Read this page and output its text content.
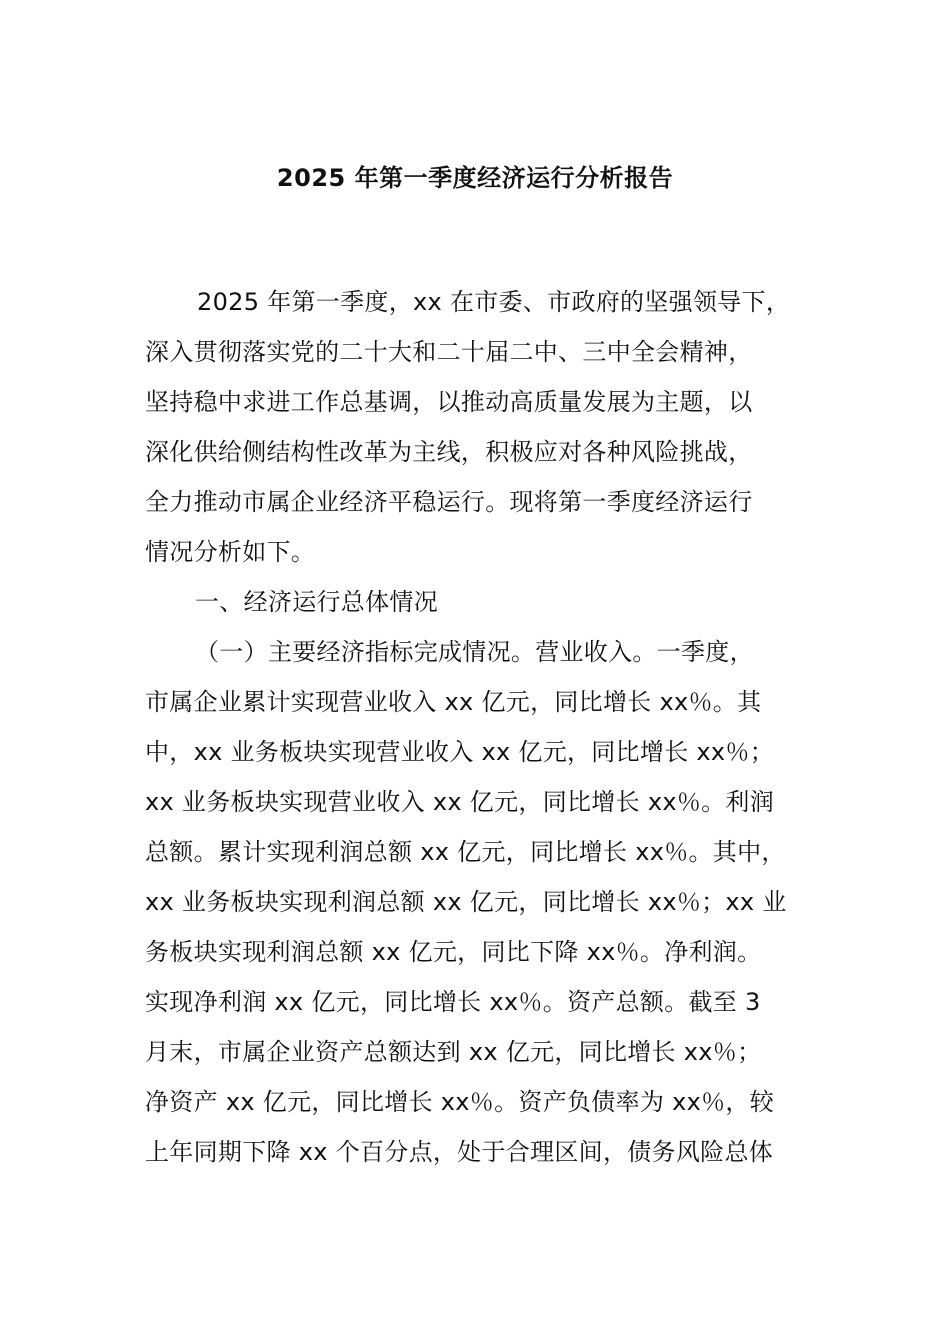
2025 年第一季度经济运行分析报告
2025 年第一季度，xx 在市委、市政府的坚强领导下，
深入贯彻落实党的二十大和二十届二中、三中全会精神，
坚持稳中求进工作总基调，以推动高质量发展为主题，以
深化供给侧结构性改革为主线，积极应对各种风险挑战，
全力推动市属企业经济平稳运行。现将第一季度经济运行
情况分析如下。
一、经济运行总体情况
（一）主要经济指标完成情况。营业收入。一季度，
市属企业累计实现营业收入 xx 亿元，同比增长 xx％。其
中，xx 业务板块实现营业收入 xx 亿元，同比增长 xx％；
xx 业务板块实现营业收入 xx 亿元，同比增长 xx％。利润
总额。累计实现利润总额 xx 亿元，同比增长 xx％。其中，
xx 业务板块实现利润总额 xx 亿元，同比增长 xx％；xx 业
务板块实现利润总额 xx 亿元，同比下降 xx％。净利润。
实现净利润 xx 亿元，同比增长 xx％。资产总额。截至 3
月末，市属企业资产总额达到 xx 亿元，同比增长 xx％；
净资产 xx 亿元，同比增长 xx％。资产负债率为 xx％，较
上年同期下降 xx 个百分点，处于合理区间，债务风险总体
